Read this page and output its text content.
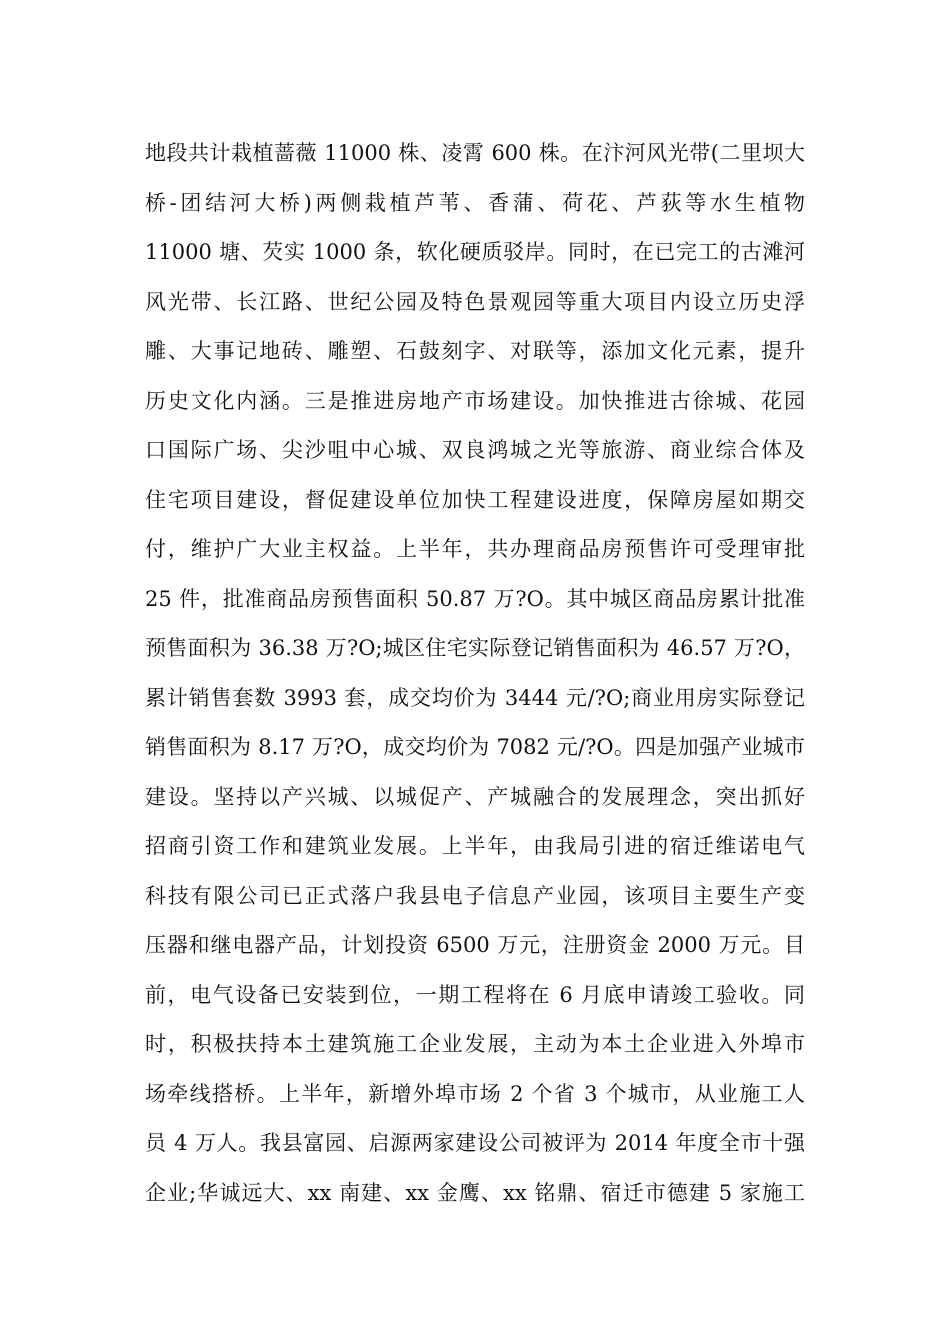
地段共计栽植蔷薇 11000 株、凌霄 600 株。在汴河风光带(二里坝大
桥-团结河大桥)两侧栽植芦苇、香蒲、荷花、芦荻等水生植物
11000 塘、芡实 1000 条，软化硬质驳岸。同时，在已完工的古滩河
风光带、长江路、世纪公园及特色景观园等重大项目内设立历史浮
雕、大事记地砖、雕塑、石鼓刻字、对联等，添加文化元素，提升
历史文化内涵。三是推进房地产市场建设。加快推进古徐城、花园
口国际广场、尖沙咀中心城、双良鸿城之光等旅游、商业综合体及
住宅项目建设，督促建设单位加快工程建设进度，保障房屋如期交
付，维护广大业主权益。上半年，共办理商品房预售许可受理审批
25 件，批准商品房预售面积 50.87 万?O。其中城区商品房累计批准
预售面积为 36.38 万?O;城区住宅实际登记销售面积为 46.57 万?O，
累计销售套数 3993 套，成交均价为 3444 元/?O;商业用房实际登记
销售面积为 8.17 万?O，成交均价为 7082 元/?O。四是加强产业城市
建设。坚持以产兴城、以城促产、产城融合的发展理念，突出抓好
招商引资工作和建筑业发展。上半年，由我局引进的宿迁维诺电气
科技有限公司已正式落户我县电子信息产业园，该项目主要生产变
压器和继电器产品，计划投资 6500 万元，注册资金 2000 万元。目
前，电气设备已安装到位，一期工程将在 6 月底申请竣工验收。同
时，积极扶持本土建筑施工企业发展，主动为本土企业进入外埠市
场牵线搭桥。上半年，新增外埠市场 2 个省 3 个城市，从业施工人
员 4 万人。我县富园、启源两家建设公司被评为 2014 年度全市十强
企业;华诚远大、xx 南建、xx 金鹰、xx 铭鼎、宿迁市德建 5 家施工
